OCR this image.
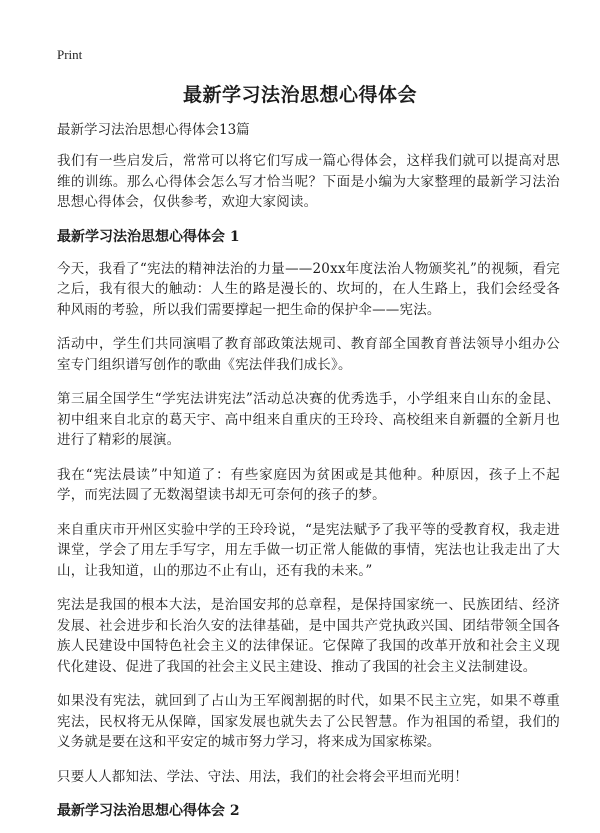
Print
最新学习法治思想心得体会

最新学习法治思想心得体会13篇

我们有一些启发后，常常可以将它们写成一篇心得体会，这样我们就可以提高对思维的训练。那么心得体会怎么写才恰当呢？下面是小编为大家整理的最新学习法治思想心得体会，仅供参考，欢迎大家阅读。

最新学习法治思想心得体会 1

今天，我看了“宪法的精神法治的力量——20xx年度法治人物颁奖礼”的视频，看完之后，我有很大的触动：人生的路是漫长的、坎坷的，在人生路上，我们会经受各种风雨的考验，所以我们需要撑起一把生命的保护伞——宪法。

活动中，学生们共同演唱了教育部政策法规司、教育部全国教育普法领导小组办公室专门组织谱写创作的歌曲《宪法伴我们成长》。

第三届全国学生“学宪法讲宪法”活动总决赛的优秀选手，小学组来自山东的金昆、初中组来自北京的葛天宇、高中组来自重庆的王玲玲、高校组来自新疆的全新月也进行了精彩的展演。

我在“宪法晨读”中知道了：有些家庭因为贫困或是其他种。种原因，孩子上不起学，而宪法圆了无数渴望读书却无可奈何的孩子的梦。

来自重庆市开州区实验中学的王玲玲说，“是宪法赋予了我平等的受教育权，我走进课堂，学会了用左手写字，用左手做一切正常人能做的事情，宪法也让我走出了大山，让我知道，山的那边不止有山，还有我的未来。”

宪法是我国的根本大法，是治国安邦的总章程，是保持国家统一、民族团结、经济发展、社会进步和长治久安的法律基础，是中国共产党执政兴国、团结带领全国各族人民建设中国特色社会主义的法律保证。它保障了我国的改革开放和社会主义现代化建设、促进了我国的社会主义民主建设、推动了我国的社会主义法制建设。

如果没有宪法，就回到了占山为王军阀割据的时代，如果不民主立宪，如果不尊重宪法，民权将无从保障，国家发展也就失去了公民智慧。作为祖国的希望，我们的义务就是要在这和平安定的城市努力学习，将来成为国家栋梁。

只要人人都知法、学法、守法、用法，我们的社会将会平坦而光明！

最新学习法治思想心得体会 2
